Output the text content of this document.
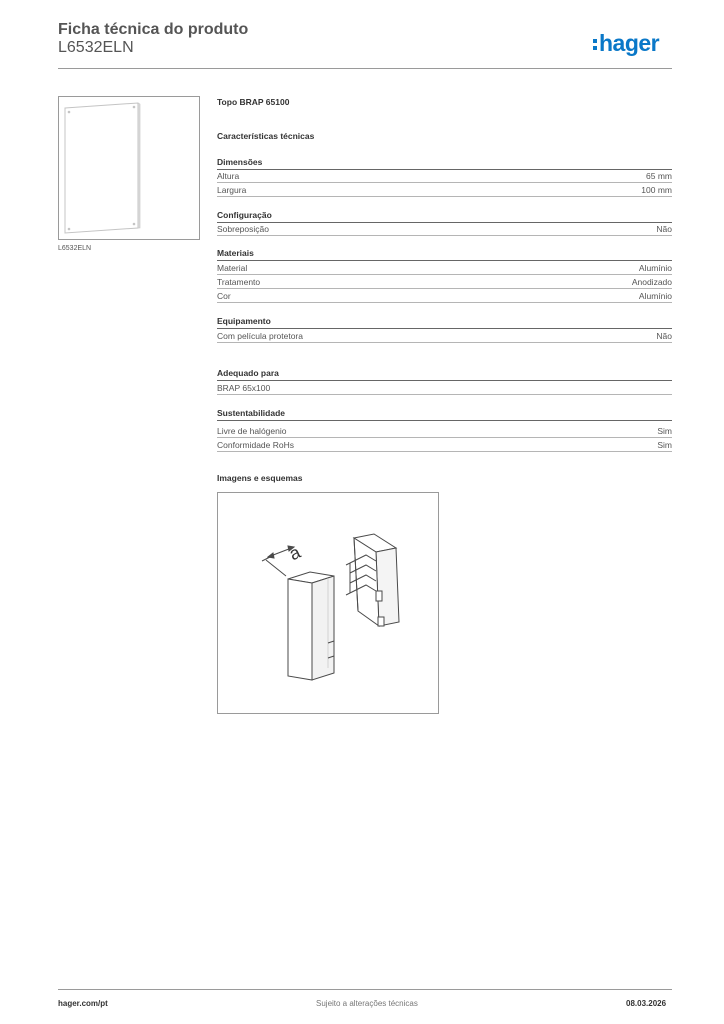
Ficha técnica do produto
L6532ELN	hager
L6532ELN
Topo BRAP 65100
Características técnicas
Dimensões
Altura	65 mm
Largura	100 mm
Configuração
Sobreposição	Não
Materiais
Material	Alumínio
Tratamento	Anodizado
Cor	Alumínio
Equipamento
Com película protetora	Não
Adequado para
BRAP 65x100
Sustentabilidade
Livre de halógenio	Sim
Conformidade RoHs	Sim
Imagens e esquemas
a
hager.com/pt	Sujeito a alterações técnicas	08.03.2026
